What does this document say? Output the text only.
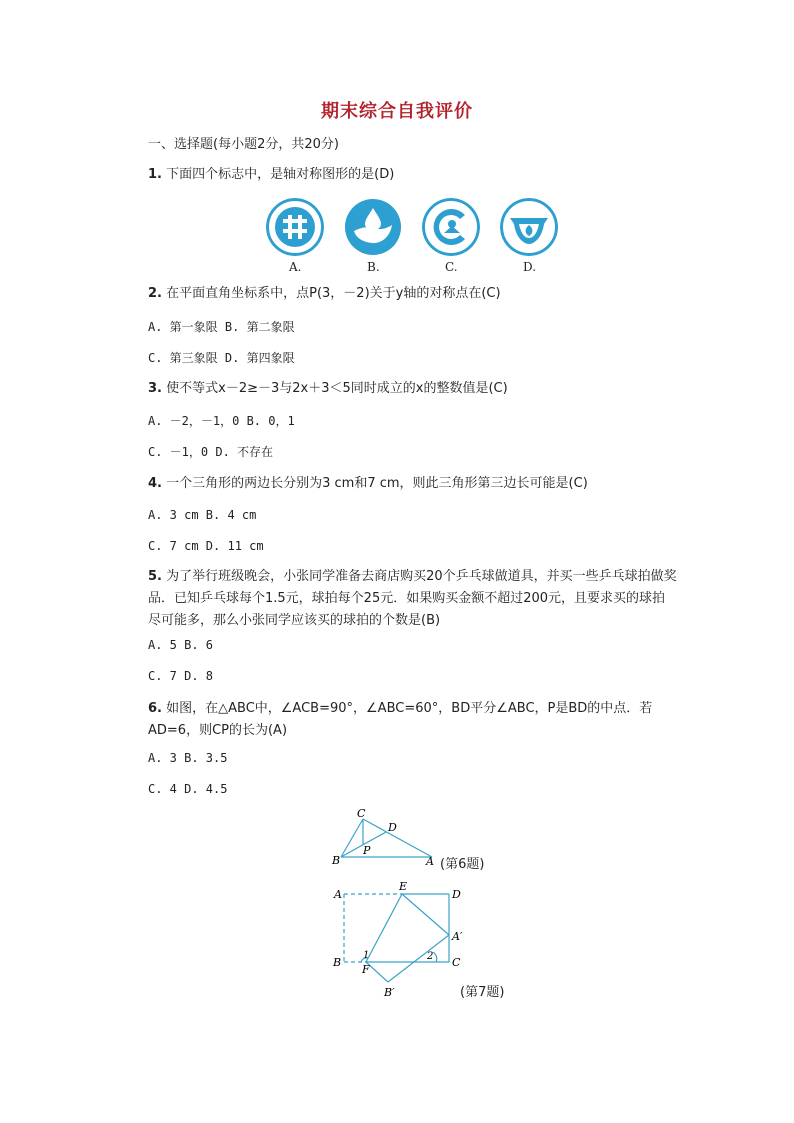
期末综合自我评价
一、选择题(每小题2分，共20分)
1. 下面四个标志中，是轴对称图形的是(D)
A.	B.	C.	D.
2. 在平面直角坐标系中，点P(3，－2)关于y轴的对称点在(C)
A. 第一象限 B. 第二象限
C. 第三象限 D. 第四象限
3. 使不等式x－2≥－3与2x＋3＜5同时成立的x的整数值是(C)
A. －2，－1，0 B. 0，1
C. －1，0 D. 不存在
4. 一个三角形的两边长分别为3 cm和7 cm，则此三角形第三边长可能是(C)
A. 3 cm B. 4 cm
C. 7 cm D. 11 cm
5. 为了举行班级晚会，小张同学准备去商店购买20个乒乓球做道具，并买一些乒乓球拍做奖品．已知乒乓球每个1.5元，球拍每个25元．如果购买金额不超过200元，且要求买的球拍尽可能多，那么小张同学应该买的球拍的个数是(B)
A. 5 B. 6
C. 7 D. 8
6. 如图，在△ABC中，∠ACB=90°，∠ABC=60°，BD平分∠ABC，P是BD的中点．若AD=6，则CP的长为(A)
A. 3 B. 3.5
C. 4 D. 4.5
B
C
D
P
A (第6题)
A
E
D
A′
C
B
F
B′
1	2
(第7题)
